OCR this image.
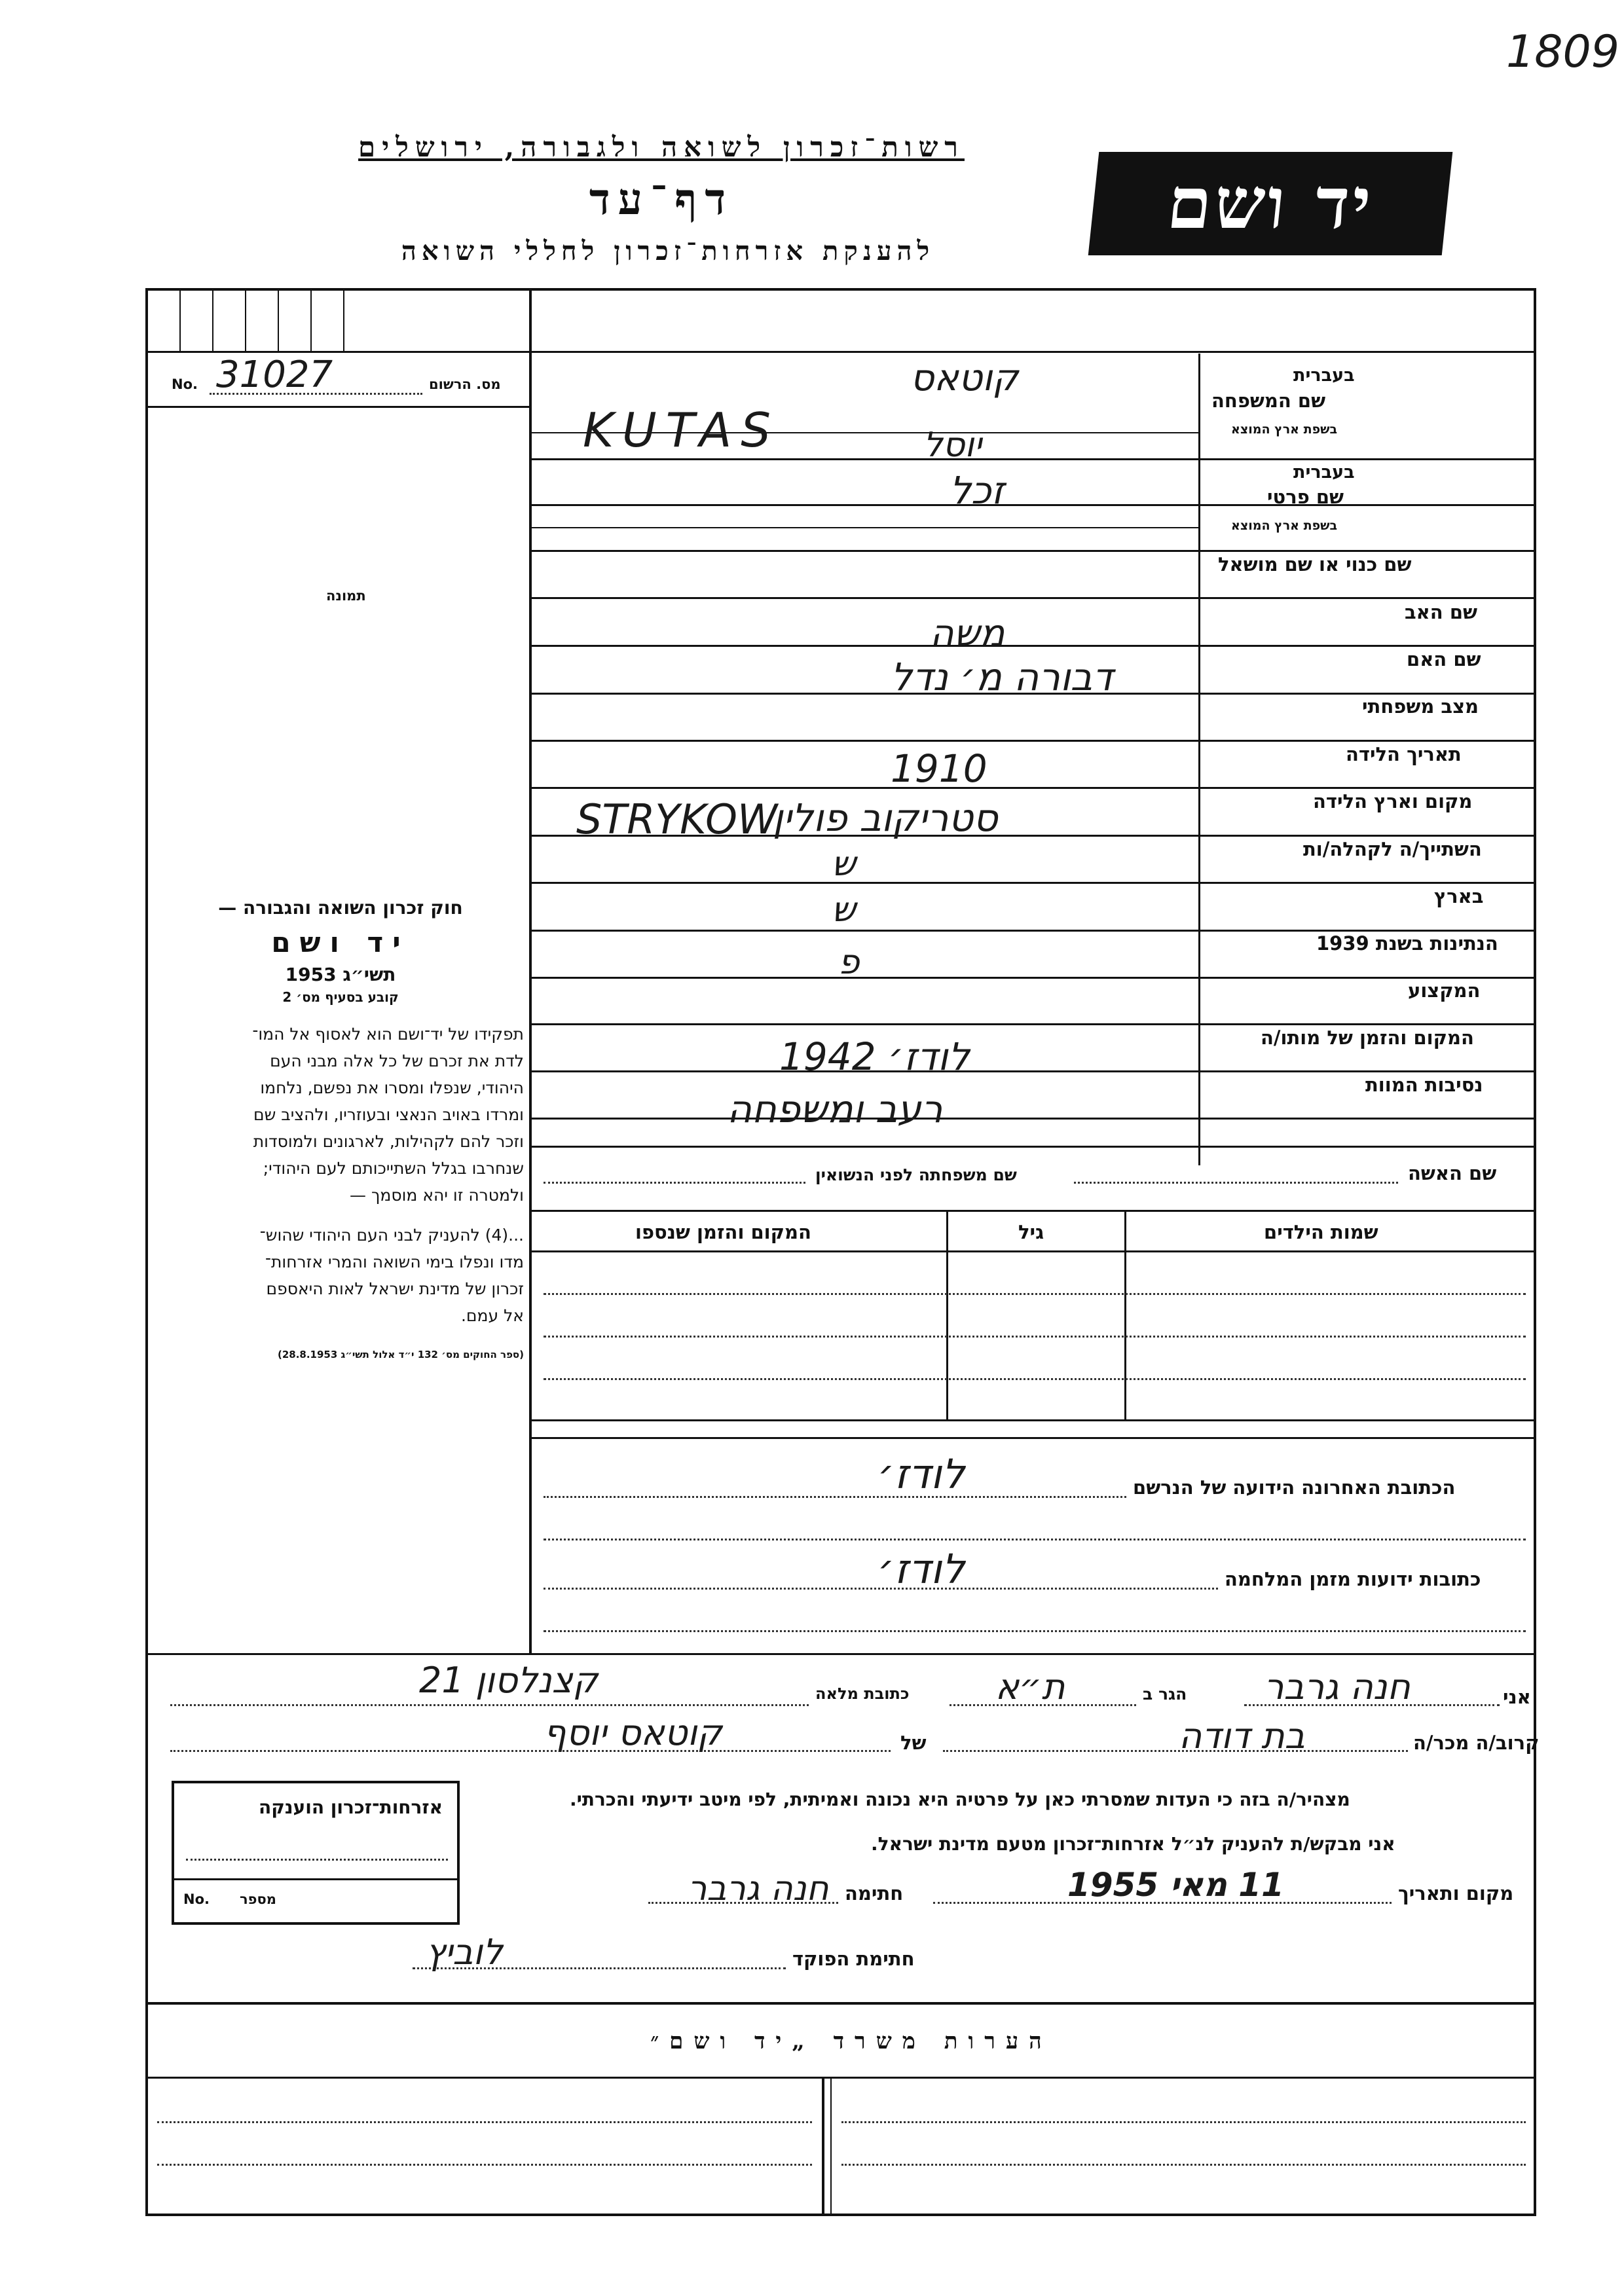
1809
רשות־זכרון לשואה ולגבורה, ירושלים
דף־עד
להענקת אזרחות־זכרון לחללי השואה
יד ושם
מס. הרשום
No. 31027
תמונה
חוק זכרון השואה והגבורה —
יד ושם
תשי״ג 1953
קובע בסעיף מס׳ 2
תפקידו של יד־ושם הוא לאסוף אל המו־
לדת את זכרם של כל אלה מבני העם
היהודי, שנפלו ומסרו את נפשם, נלחמו
ומרדו באויב הנאצי ובעוזריו, ולהציב שם
וזכר להם לקהילות, לארגונים ולמוסדות
שנחרבו בגלל השתייכותם לעם היהודי;
ולמטרה זו יהא מוסמך —
...(4) להעניק לבני העם היהודי שהוש־
מדו ונפלו בימי השואה והמרי אזרחות־
זכרון של מדינת ישראל לאות היאספם
אל עמם.
(ספר החוקים מס׳ 132 י״ד אלול תשי״ג 28.8.1953)
שם המשפחה
בעברית
בשפת ארץ המוצא
שם פרטי
בעברית
בשפת ארץ המוצא
שם כנוי או שם מושאל
שם האב
שם האם
מצב משפחתי
תאריך הלידה
מקום וארץ הלידה
השתייך/ה לקהלה/ות
בארץ
הנתינות בשנת 1939
המקצוע
המקום והזמן של מותו/ה
נסיבות המוות
שם האשה
שם משפחתה לפני הנשואין
שמות הילדים
גיל
המקום והזמן שנספו
הכתובת האחרונה הידועה של הנרשם
כתובות ידועות מזמן המלחמה
אני
הגר ב
כתובת מלאה
קרוב/ה מכר/ה
של
מצהיר/ה בזה כי העדות שמסרתי כאן על פרטיה היא נכונה ואמיתית, לפי מיטב ידיעתי והכרתי.
אני מבקש/ת להעניק לנ״ל אזרחות־זכרון מטעם מדינת ישראל.
מקום ותאריך
חתימה
חתימת הפוקד
אזרחות־זכרון הוענקה
מספר
No.
הערות משרד „יד ושם״
קוטאס
KUTAS
זכל
יוסל
משה
דבורה מ׳ נדל
1910
סטריקוב פולין
STRYKOW
ש
ש
פ
לודז׳ 1942
רעב ומשפחה
לודז׳
לודז׳
חנה גרבר
ת״א
קצנלסון 21
בת דודה
קוטאס יוסף
11 מאי 1955
חנה גרבר
לוביץ
